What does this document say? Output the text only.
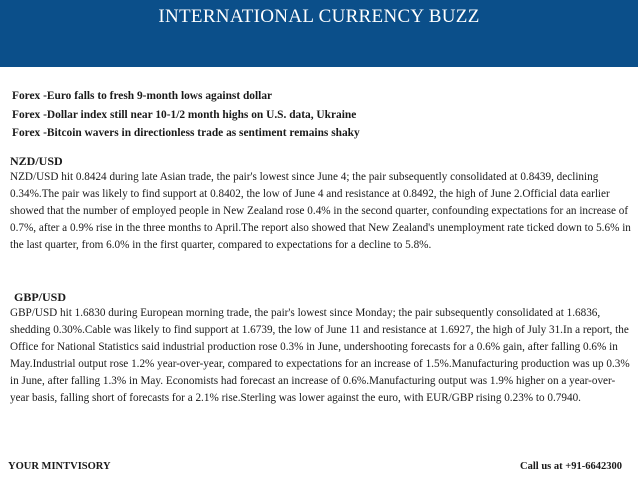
INTERNATIONAL CURRENCY BUZZ
Forex -Euro falls to fresh 9-month lows against dollar
Forex -Dollar index still near 10-1/2 month highs on U.S. data, Ukraine
Forex -Bitcoin wavers in directionless trade as sentiment remains shaky
NZD/USD

NZD/USD hit 0.8424 during late Asian trade, the pair's lowest since June 4; the pair subsequently consolidated at 0.8439, declining 0.34%.The pair was likely to find support at 0.8402, the low of June 4 and resistance at 0.8492, the high of June 2.Official data earlier showed that the number of employed people in New Zealand rose 0.4% in the second quarter, confounding expectations for an increase of 0.7%, after a 0.9% rise in the three months to April.The report also showed that New Zealand's unemployment rate ticked down to 5.6% in the last quarter, from 6.0% in the first quarter, compared to expectations for a decline to 5.8%.

GBP/USD

GBP/USD hit 1.6830 during European morning trade, the pair's lowest since Monday; the pair subsequently consolidated at 1.6836, shedding 0.30%.Cable was likely to find support at 1.6739, the low of June 11 and resistance at 1.6927, the high of July 31.In a report, the Office for National Statistics said industrial production rose 0.3% in June, undershooting forecasts for a 0.6% gain, after falling 0.6% in May.Industrial output rose 1.2% year-over-year, compared to expectations for an increase of 1.5%.Manufacturing production was up 0.3% in June, after falling 1.3% in May. Economists had forecast an increase of 0.6%.Manufacturing output was 1.9% higher on a year-over-year basis, falling short of forecasts for a 2.1% rise.Sterling was lower against the euro, with EUR/GBP rising 0.23% to 0.7940.

YOUR MINTVISORY	Call us at +91-6642300
